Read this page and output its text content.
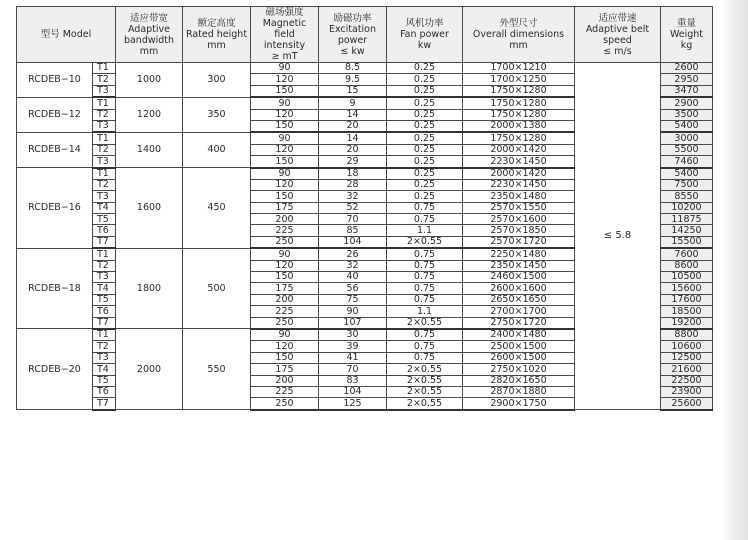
型号 Model		适应带宽
Adaptive
bandwidth
mm	额定高度
Rated height
mm	磁场强度
Magnetic field
intensity
≥ mT	励磁功率
Excitation
power
≤ kw	风机功率
Fan power
kw	外型尺寸
Overall dimensions
mm	适应带速
Adaptive belt
speed
≤ m/s	重量 Weight
kg

RCDEB−10	T1	1000	300	90	8.5	0.25	1700×1210	≤ 5.8	2600
	T2			120	9.5	0.25	1700×1250		2950
	T3			150	15	0.25	1750×1280		3470
RCDEB−12	T1	1200	350	90	9	0.25	1750×1280		2900
	T2			120	14	0.25	1750×1280		3500
	T3			150	20	0.25	2000×1380		5400
RCDEB−14	T1	1400	400	90	14	0.25	1750×1280		3000
	T2			120	20	0.25	2000×1420		5500
	T3			150	29	0.25	2230×1450		7460
RCDEB−16	T1	1600	450	90	18	0.25	2000×1420		5400
	T2			120	28	0.25	2230×1450		7500
	T3			150	32	0.25	2350×1480		8550
	T4			175	52	0.75	2570×1550		10200
	T5			200	70	0.75	2570×1600		11875
	T6			225	85	1.1	2570×1850		14250
	T7			250	104	2×0.55	2570×1720		15500
RCDEB−18	T1	1800	500	90	26	0.75	2250×1480		7600
	T2			120	32	0.75	2350×1450		8600
	T3			150	40	0.75	2460×1500		10500
	T4			175	56	0.75	2600×1600		15600
	T5			200	75	0.75	2650×1650		17600
	T6			225	90	1.1	2700×1700		18500
	T7			250	107	2×0.55	2750×1720		19200
RCDEB−20	T1	2000	550	90	30	0.75	2400×1480		8800
	T2			120	39	0.75	2500×1500		10600
	T3			150	41	0.75	2600×1500		12500
	T4			175	70	2×0.55	2750×1020		21600
	T5			200	83	2×0.55	2820×1650		22500
	T6			225	104	2×0.55	2870×1880		23900
	T7			250	125	2×0.55	2900×1750		25600
